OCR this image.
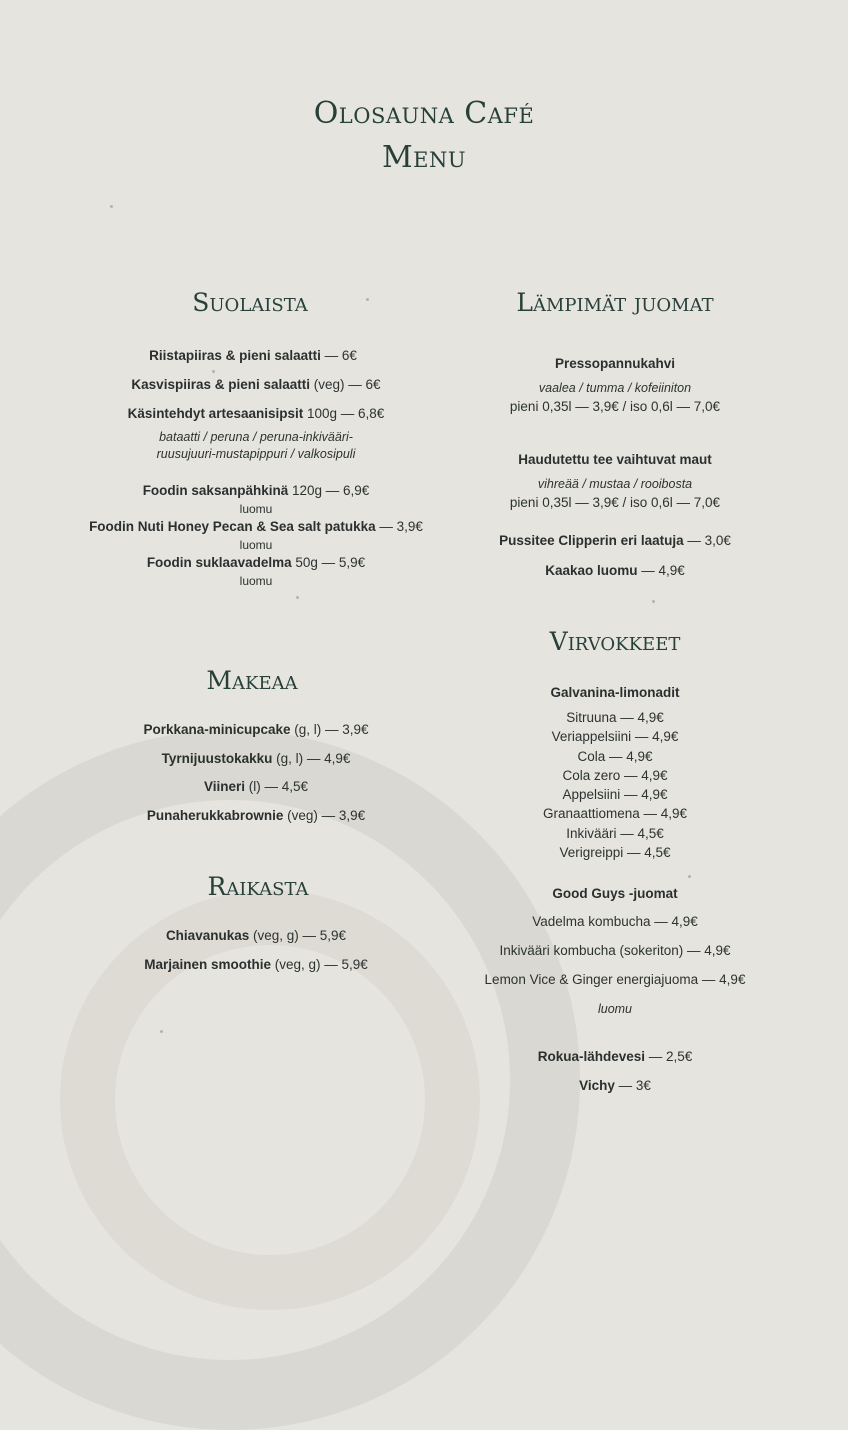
Olosauna Café
Menu
Suolaista
Riistapiiras & pieni salaatti — 6€
Kasvispiiras & pieni salaatti (veg) — 6€
Käsintehdyt artesaanisipsit 100g — 6,8€
bataatti / peruna / peruna-inkivääri-
ruusujuuri-mustapippuri / valkosipuli
Foodin saksanpähkinä 120g — 6,9€
luomu
Foodin Nuti Honey Pecan & Sea salt patukka — 3,9€
luomu
Foodin suklaavadelma 50g — 5,9€
luomu
Makeaa
Porkkana-minicupcake (g, l) — 3,9€
Tyrnijuustokakku (g, l) — 4,9€
Viineri (l) — 4,5€
Punaherukkabrownie (veg) — 3,9€
Raikasta
Chiavanukas (veg, g) — 5,9€
Marjainen smoothie (veg, g) — 5,9€
Lämpimät juomat
Pressopannukahvi
vaalea / tumma / kofeiiniton
pieni 0,35l — 3,9€ / iso 0,6l — 7,0€
Haudutettu tee vaihtuvat maut
vihreää / mustaa / rooibosta
pieni 0,35l — 3,9€ / iso 0,6l — 7,0€
Pussitee Clipperin eri laatuja — 3,0€
Kaakao luomu — 4,9€
Virvokkeet
Galvanina-limonadit
Sitruuna — 4,9€
Veriappelsiini — 4,9€
Cola — 4,9€
Cola zero — 4,9€
Appelsiini — 4,9€
Granaattiomena — 4,9€
Inkivääri — 4,5€
Verigreippi — 4,5€
Good Guys -juomat
Vadelma kombucha — 4,9€
Inkivääri kombucha (sokeriton) — 4,9€
Lemon Vice & Ginger energiajuoma — 4,9€
luomu
Rokua-lähdevesi — 2,5€
Vichy — 3€
